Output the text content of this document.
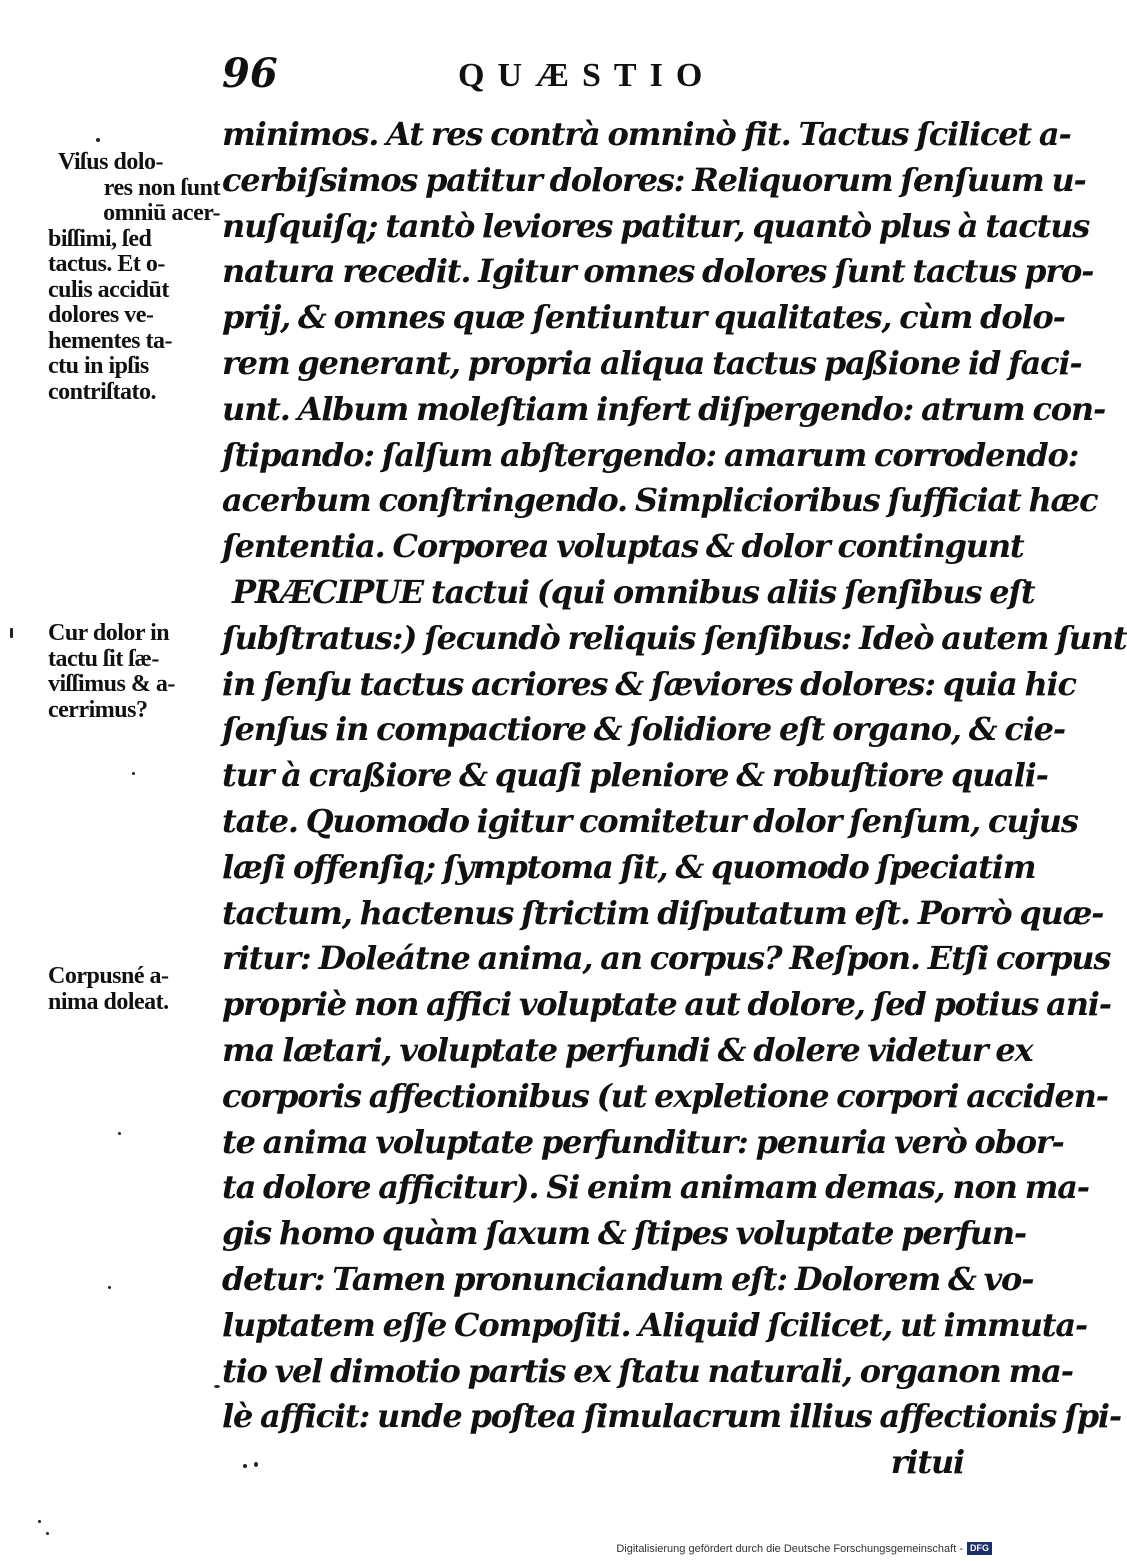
96	QUÆSTIO
Viſus dolo-
res non ſunt
omniū acer-
biſſimi, ſed
tactus. Et o-
culis accidūt
dolores ve-
hementes ta-
ctu in ipſis
contriſtato.
Cur dolor in
tactu ſit ſæ-
viſſimus & a-
cerrimus?
Corpusné a-
nima doleat.
minimos. At res contrà omninò fit. Tactus ſcilicet a-
cerbiſsimos patitur dolores: Reliquorum ſenſuum u-
nuſquiſq; tantò leviores patitur, quantò plus à tactus
natura recedit. Igitur omnes dolores ſunt tactus pro-
prij, & omnes quæ ſentiuntur qualitates, cùm dolo-
rem generant, propria aliqua tactus paßione id faci-
unt. Album moleſtiam infert diſpergendo: atrum con-
ſtipando: ſalſum abſtergendo: amarum corrodendo:
acerbum conſtringendo. Simplicioribus ſufficiat hæc
ſententia. Corporea voluptas & dolor contingunt
PRÆCIPUE tactui (qui omnibus aliis ſenſibus eſt
ſubſtratus:) ſecundò reliquis ſenſibus: Ideò autem ſunt
in ſenſu tactus acriores & ſæviores dolores: quia hic
ſenſus in compactiore & ſolidiore eſt organo, & cie-
tur à craßiore & quaſi pleniore & robuſtiore quali-
tate. Quomodo igitur comitetur dolor ſenſum, cujus
læſi offenſiq; ſymptoma ſit, & quomodo ſpeciatim
tactum, hactenus ſtrictim diſputatum eſt. Porrò quæ-
ritur: Doleátne anima, an corpus? Reſpon. Etſi corpus
propriè non affici voluptate aut dolore, ſed potius ani-
ma lætari, voluptate perfundi & dolere videtur ex
corporis affectionibus (ut expletione corpori acciden-
te anima voluptate perfunditur: penuria verò obor-
ta dolore afficitur). Si enim animam demas, non ma-
gis homo quàm ſaxum & ſtipes voluptate perfun-
detur: Tamen pronunciandum eſt: Dolorem & vo-
luptatem eſſe Compoſiti. Aliquid ſcilicet, ut immuta-
tio vel dimotio partis ex ſtatu naturali, organon ma-
lè afficit: unde poſtea ſimulacrum illius affectionis ſpi-
ritui
Digitalisierung gefördert durch die Deutsche Forschungsgemeinschaft - DFG
